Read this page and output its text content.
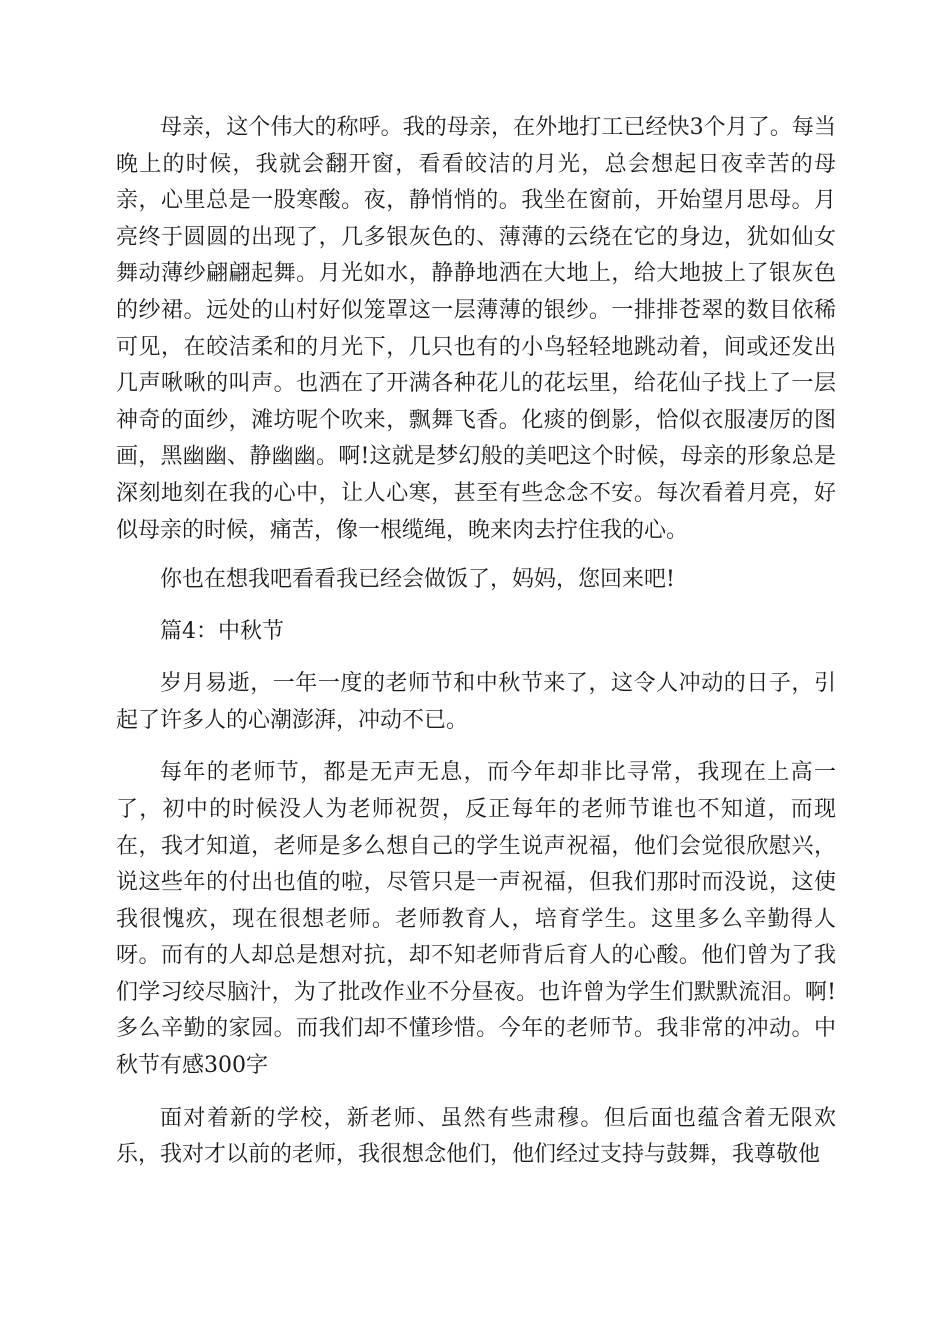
母亲，这个伟大的称呼。我的母亲，在外地打工已经快3个月了。每当晚上的时候，我就会翻开窗，看看皎洁的月光，总会想起日夜幸苦的母亲，心里总是一股寒酸。夜，静悄悄的。我坐在窗前，开始望月思母。月亮终于圆圆的出现了，几多银灰色的、薄薄的云绕在它的身边，犹如仙女舞动薄纱翩翩起舞。月光如水，静静地洒在大地上，给大地披上了银灰色的纱裙。远处的山村好似笼罩这一层薄薄的银纱。一排排苍翠的数目依稀可见，在皎洁柔和的月光下，几只也有的小鸟轻轻地跳动着，间或还发出几声啾啾的叫声。也洒在了开满各种花儿的花坛里，给花仙子找上了一层神奇的面纱，滩坊呢个吹来，飘舞飞香。化痰的倒影，恰似衣服凄厉的图画，黑幽幽、静幽幽。啊!这就是梦幻般的美吧这个时候，母亲的形象总是深刻地刻在我的心中，让人心寒，甚至有些念念不安。每次看着月亮，好似母亲的时候，痛苦，像一根缆绳，晚来肉去拧住我的心。

你也在想我吧看看我已经会做饭了，妈妈，您回来吧!

篇4：中秋节

岁月易逝，一年一度的老师节和中秋节来了，这令人冲动的日子，引起了许多人的心潮澎湃，冲动不已。

每年的老师节，都是无声无息，而今年却非比寻常，我现在上高一了，初中的时候没人为老师祝贺，反正每年的老师节谁也不知道，而现在，我才知道，老师是多么想自己的学生说声祝福，他们会觉很欣慰兴，说这些年的付出也值的啦，尽管只是一声祝福，但我们那时而没说，这使我很愧疚，现在很想老师。老师教育人，培育学生。这里多么辛勤得人呀。而有的人却总是想对抗，却不知老师背后育人的心酸。他们曾为了我们学习绞尽脑汁，为了批改作业不分昼夜。也许曾为学生们默默流泪。啊!多么辛勤的家园。而我们却不懂珍惜。今年的老师节。我非常的冲动。中秋节有感300字

面对着新的学校，新老师、虽然有些肃穆。但后面也蕴含着无限欢乐，我对才以前的老师，我很想念他们，他们经过支持与鼓舞，我尊敬他
